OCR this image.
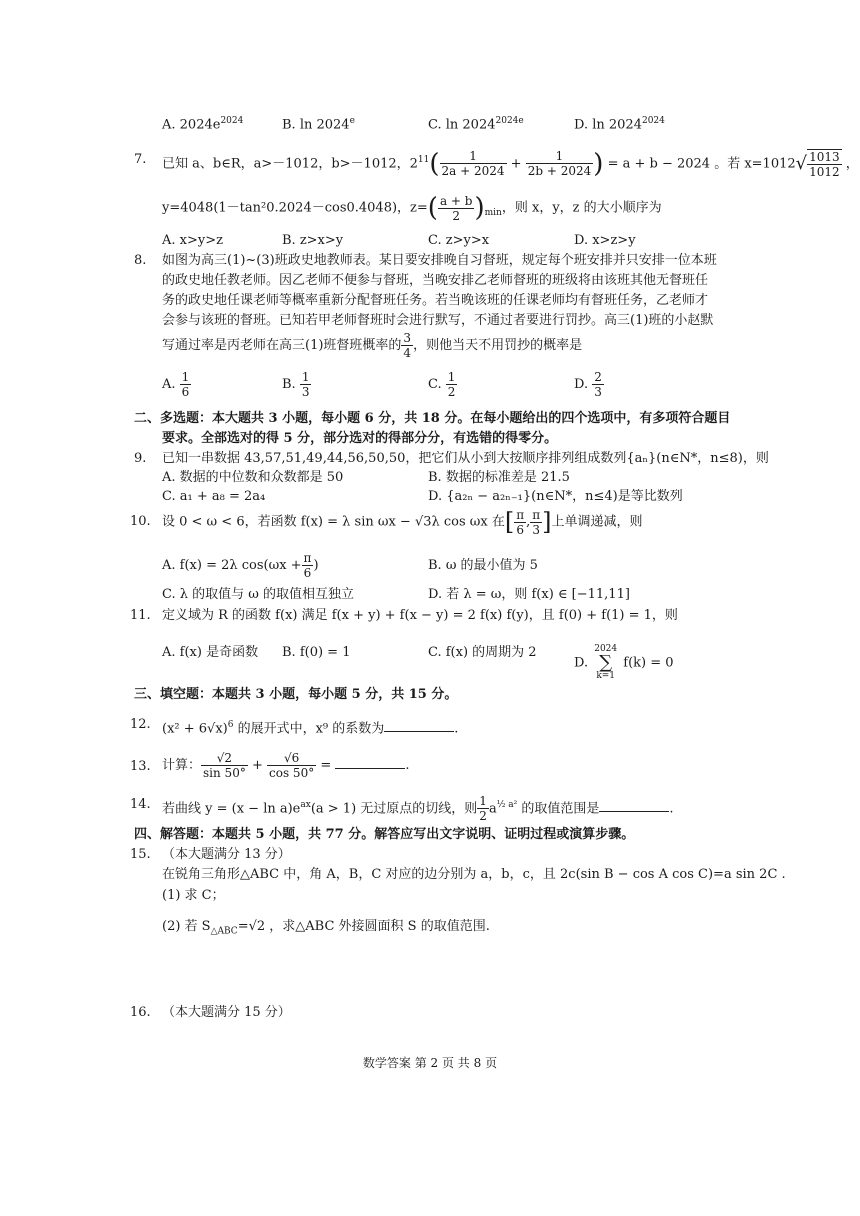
A. $2024e^{2024}$	B. ln 2024e	C. $\ln 2024^{2024e}$	D. $\ln 2024^{2024}$
7. 已知 a、b∈R，a>－1012，b>－1012，$2^{11}( \frac{1}{2a + 2024} + \frac{1}{2b + 2024}$ ) = a + b − 2024 。若 $x=1012√ \frac{1013}{1012}$ ，
y=4048(1－tan²0.2024－cos0.4048)，$z=( \frac{a + b}{2} )_{min}$，则 x，y，z 的大小顺序为
A. x>y>z	B. z>x>y	C. z>y>x	D. x>z>y
8. 如图为高三(1)~(3)班政史地教师表。某日要安排晚自习督班，规定每个班安排并只安排一位本班
的政史地任教老师。因乙老师不便参与督班，当晚安排乙老师督班的班级将由该班其他无督班任
务的政史地任课老师等概率重新分配督班任务。若当晚该班的任课老师均有督班任务，乙老师才
会参与该班的督班。已知若甲老师督班时会进行默写，不通过者要进行罚抄。高三(1)班的小赵默
写通过率是丙老师在高三(1)班督班概率的 $\frac{3}{4}$ ，则他当天不用罚抄的概率是
A. $\frac{1}{6}$	B. $\frac{1}{3}$	C. $\frac{1}{2}$	D. $\frac{2}{3}$
二、多选题：本大题共 3 小题，每小题 6 分，共 18 分。在每小题给出的四个选项中，有多项符合题目
要求。全部选对的得 5 分，部分选对的得部分分，有选错的得零分。
9. 已知一串数据 43,57,51,49,44,56,50,50，把它们从小到大按顺序排列组成数列{aₙ}(n∈N*，n≤8)，则
A. 数据的中位数和众数都是 50	B. 数据的标准差是 21.5
C. a₁ + a₈ = 2a₄	D. {a₂ₙ − a₂ₙ₋₁}(n∈N*，n≤4)是等比数列
10. 设 0 < ω < 6，若函数 f(x) = λ sin ωx − √3λ cos ωx 在[ $\frac{\pi}{6}$ , $\frac{\pi}{3}$ ]上单调递减，则
A. f(x) = 2λ $\cos(\omega x + \frac{\pi}{6}$ )	B. ω 的最小值为 5
C. λ 的取值与 ω 的取值相互独立	D. 若 λ = ω，则 f(x) ∈ [−11,11]
11. 定义域为 R 的函数 f(x) 满足 f(x + y) + f(x − y) = 2 f(x) f(y)，且 f(0) + f(1) = 1，则
A. f(x) 是奇函数 B. f(0) = 1	C. f(x) 的周期为 2
D.
2024
∑
k=1
f(k) = 0
三、填空题：本题共 3 小题，每小题 5 分，共 15 分。
12. $(x^2 + 6√x)^6$ 的展开式中，x⁹ 的系数为	.
13. 计算： $\frac{√2}{\sin 50^\circ} + \frac{√6}{\cos 50^\circ}$ =	.
14. 若曲线 $y = (x - \ln a)e^{ax}(a > 1)$ 无过原点的切线，则 $\frac{1}{2} a^{\frac{1}{2} a^2}$ 的取值范围是	.
四、解答题：本题共 5 小题，共 77 分。解答应写出文字说明、证明过程或演算步骤。
15. （本大题满分 13 分）
在锐角三角形△ABC 中，角 A，B，C 对应的边分别为 a，b，c，且 2c(sin B − cos A cos C)=a sin 2C .
(1) 求 C；
(2) 若 $S_{\triangle ABC}=√2$ ，求△ABC 外接圆面积 S 的取值范围.
16. （本大题满分 15 分）
数学答案 第 2 页 共 8 页
